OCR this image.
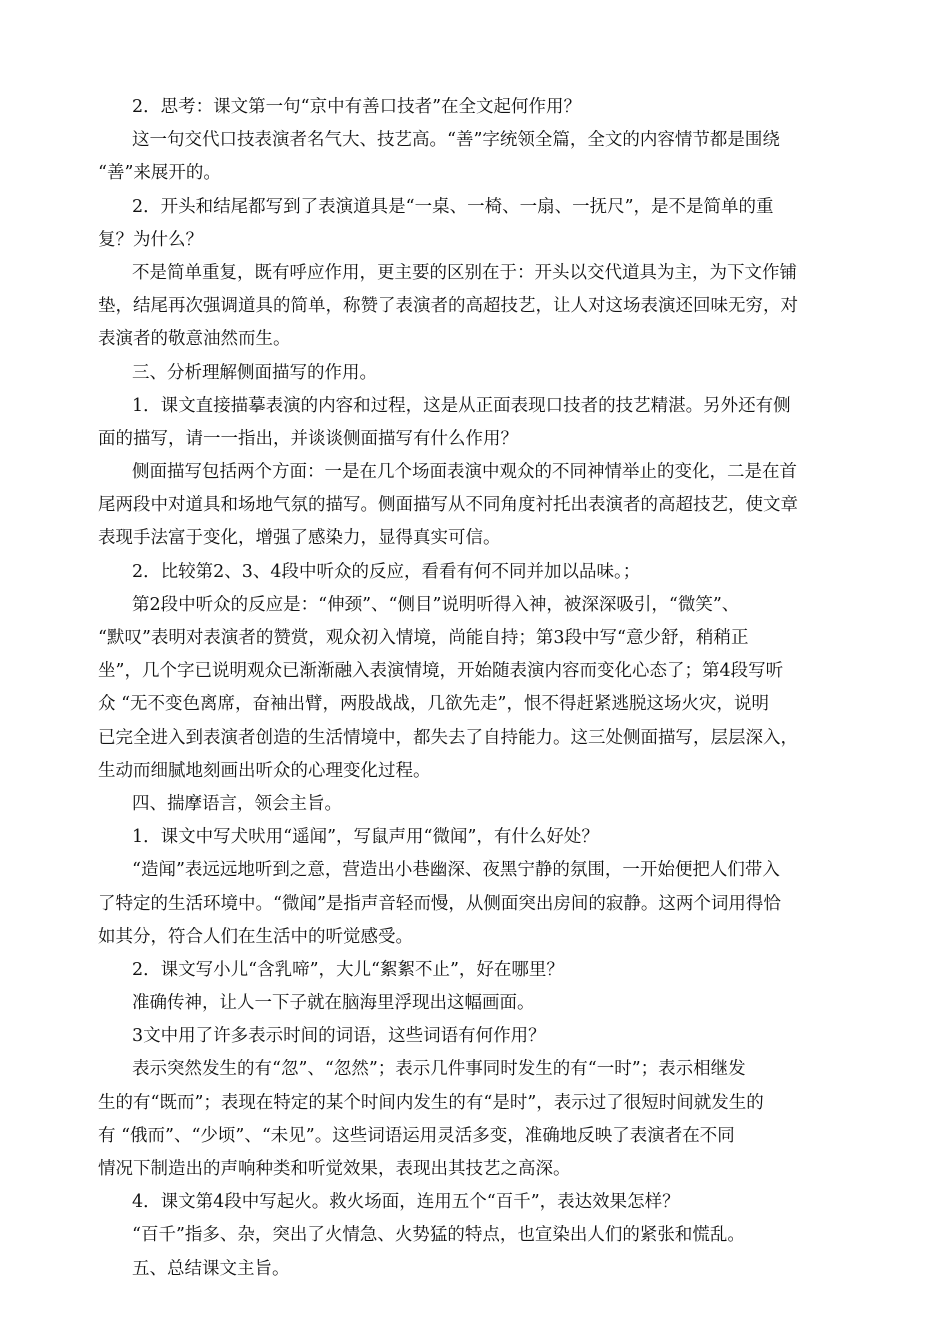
2．思考：课文第一句“京中有善口技者”在全文起何作用？
这一句交代口技表演者名气大、技艺高。“善”字统领全篇，全文的内容情节都是围绕
“善”来展开的。
2．开头和结尾都写到了表演道具是“一桌、一椅、一扇、一抚尺”，是不是简单的重
复？为什么？
不是简单重复，既有呼应作用，更主要的区别在于：开头以交代道具为主，为下文作铺
垫，结尾再次强调道具的简单，称赞了表演者的高超技艺，让人对这场表演还回味无穷，对
表演者的敬意油然而生。
三、分析理解侧面描写的作用。
1．课文直接描摹表演的内容和过程，这是从正面表现口技者的技艺精湛。另外还有侧
面的描写，请一一指出，并谈谈侧面描写有什么作用？
侧面描写包括两个方面：一是在几个场面表演中观众的不同神情举止的变化，二是在首
尾两段中对道具和场地气氛的描写。侧面描写从不同角度衬托出表演者的高超技艺，使文章
表现手法富于变化，增强了感染力，显得真实可信。
2．比较第2、3、4段中听众的反应，看看有何不同并加以品味。；
第2段中听众的反应是：“伸颈”、“侧目”说明听得入神，被深深吸引，“微笑”、
“默叹”表明对表演者的赞赏，观众初入情境，尚能自持；第3段中写“意少舒，稍稍正
坐”，几个字已说明观众已渐渐融入表演情境，开始随表演内容而变化心态了；第4段写听
众 “无不变色离席，奋袖出臂，两股战战，几欲先走”，恨不得赶紧逃脱这场火灾，说明
已完全进入到表演者创造的生活情境中，都失去了自持能力。这三处侧面描写，层层深入，
生动而细腻地刻画出听众的心理变化过程。
四、揣摩语言，领会主旨。
1．课文中写犬吠用“遥闻”，写鼠声用“微闻”，有什么好处？
“造闻”表远远地听到之意，营造出小巷幽深、夜黑宁静的氛围，一开始便把人们带入
了特定的生活环境中。“微闻”是指声音轻而慢，从侧面突出房间的寂静。这两个词用得恰
如其分，符合人们在生活中的听觉感受。
2．课文写小儿“含乳啼”，大儿“絮絮不止”，好在哪里？
准确传神，让人一下子就在脑海里浮现出这幅画面。
3文中用了许多表示时间的词语，这些词语有何作用？
表示突然发生的有“忽”、“忽然”；表示几件事同时发生的有“一时”；表示相继发
生的有“既而”；表现在特定的某个时间内发生的有“是时”，表示过了很短时间就发生的
有 “俄而”、“少顷”、“未见”。这些词语运用灵活多变，准确地反映了表演者在不同
情况下制造出的声响种类和听觉效果，表现出其技艺之高深。
4．课文第4段中写起火。救火场面，连用五个“百千”，表达效果怎样？
“百千”指多、杂，突出了火情急、火势猛的特点，也宣染出人们的紧张和慌乱。
五、总结课文主旨。
